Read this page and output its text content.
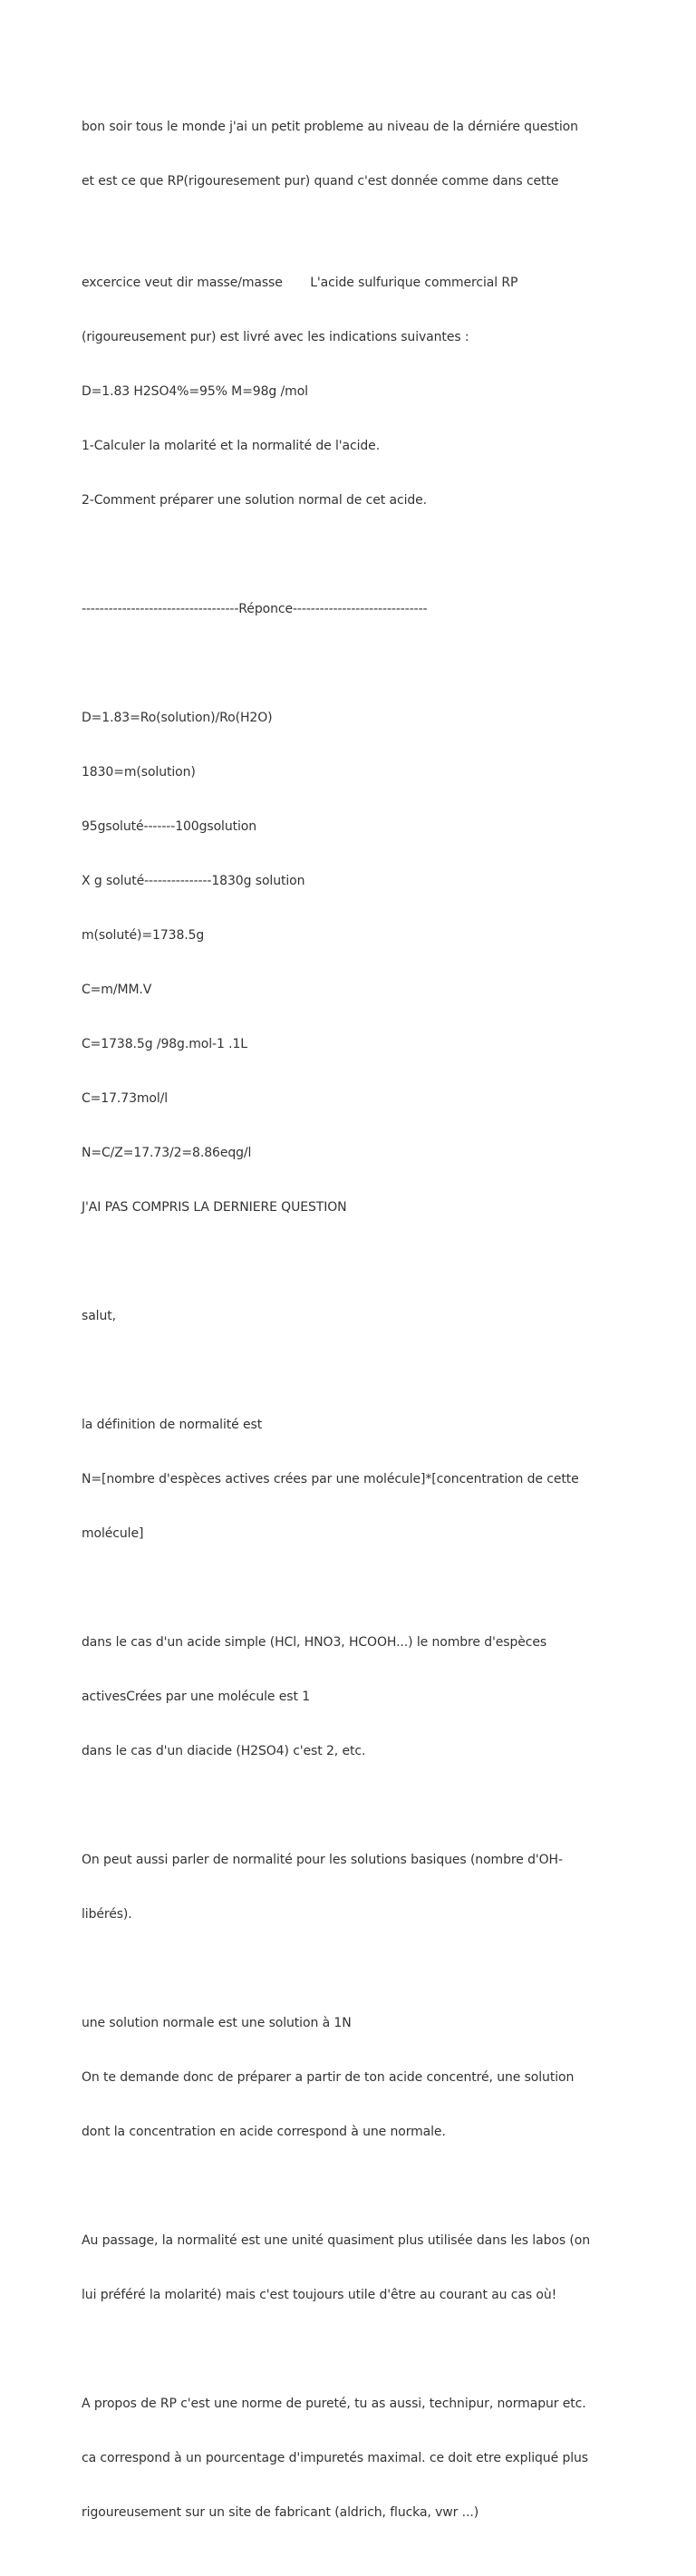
bon soir tous le monde j'ai un petit probleme au niveau de la dérniére question

et est ce que RP(rigouresement pur) quand c'est donnée comme dans cette

excercice veut dir masse/masse       L'acide sulfurique commercial RP

(rigoureusement pur) est livré avec les indications suivantes :

D=1.83 H2SO4%=95% M=98g /mol

1-Calculer la molarité et la normalité de l'acide.

2-Comment préparer une solution normal de cet acide.

-----------------------------------Réponce------------------------------

D=1.83=Ro(solution)/Ro(H2O)

1830=m(solution)

95gsoluté-------100gsolution

X g soluté---------------1830g solution

m(soluté)=1738.5g

C=m/MM.V

C=1738.5g /98g.mol-1 .1L

C=17.73mol/l

N=C/Z=17.73/2=8.86eqg/l

J'AI PAS COMPRIS LA DERNIERE QUESTION

salut,

la définition de normalité est

N=[nombre d'espèces actives crées par une molécule]*[concentration de cette

molécule]

dans le cas d'un acide simple (HCl, HNO3, HCOOH...) le nombre d'espèces

activesCrées par une molécule est 1

dans le cas d'un diacide (H2SO4) c'est 2, etc.

On peut aussi parler de normalité pour les solutions basiques (nombre d'OH-

libérés).

une solution normale est une solution à 1N

On te demande donc de préparer a partir de ton acide concentré, une solution

dont la concentration en acide correspond à une normale.

Au passage, la normalité est une unité quasiment plus utilisée dans les labos (on

lui préféré la molarité) mais c'est toujours utile d'être au courant au cas où!

A propos de RP c'est une norme de pureté, tu as aussi, technipur, normapur etc.

ca correspond à un pourcentage d'impuretés maximal. ce doit etre expliqué plus

rigoureusement sur un site de fabricant (aldrich, flucka, vwr ...)
